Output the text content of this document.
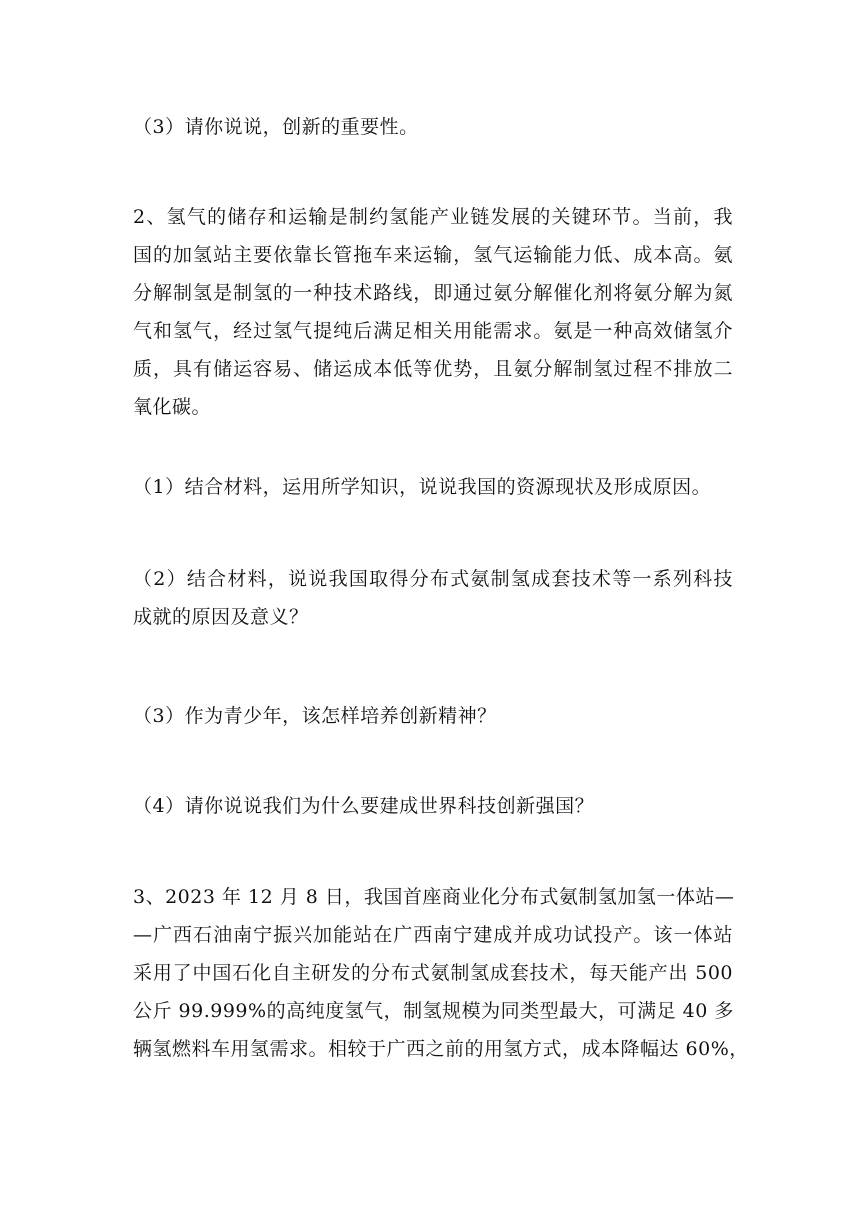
（3）请你说说，创新的重要性。
2、氢气的储存和运输是制约氢能产业链发展的关键环节。当前，我
国的加氢站主要依靠长管拖车来运输，氢气运输能力低、成本高。氨
分解制氢是制氢的一种技术路线，即通过氨分解催化剂将氨分解为氮
气和氢气，经过氢气提纯后满足相关用能需求。氨是一种高效储氢介
质，具有储运容易、储运成本低等优势，且氨分解制氢过程不排放二
氧化碳。
（1）结合材料，运用所学知识，说说我国的资源现状及形成原因。
（2）结合材料，说说我国取得分布式氨制氢成套技术等一系列科技
成就的原因及意义？
（3）作为青少年，该怎样培养创新精神？
（4）请你说说我们为什么要建成世界科技创新强国？
3、2023 年 12 月 8 日，我国首座商业化分布式氨制氢加氢一体站—
—广西石油南宁振兴加能站在广西南宁建成并成功试投产。该一体站
采用了中国石化自主研发的分布式氨制氢成套技术，每天能产出 500
公斤 99.999%的高纯度氢气，制氢规模为同类型最大，可满足 40 多
辆氢燃料车用氢需求。相较于广西之前的用氢方式，成本降幅达 60%，
